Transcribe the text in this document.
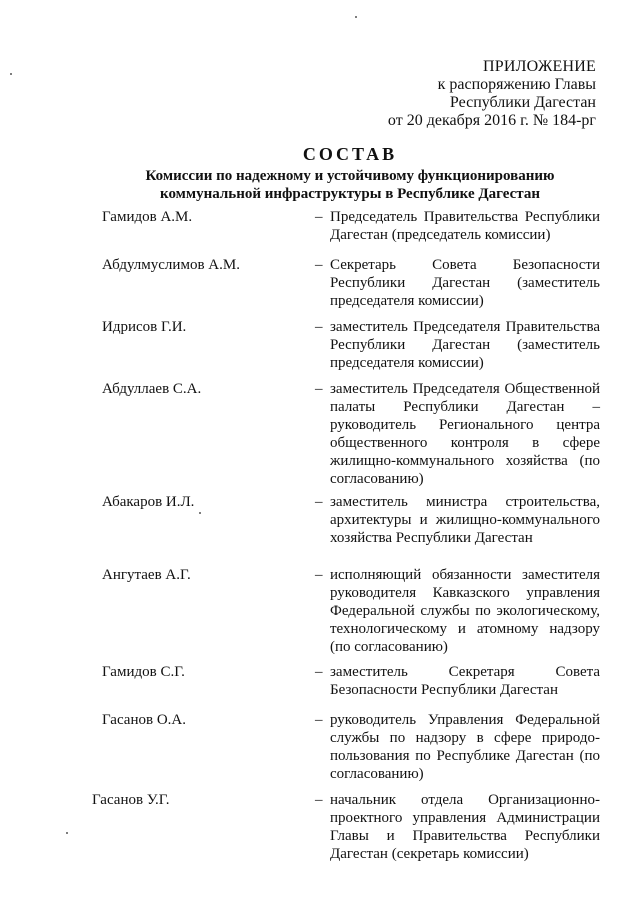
ПРИЛОЖЕНИЕ
к распоряжению Главы
Республики Дагестан
от 20 декабря 2016 г. № 184-рг
СОСТАВ
Комиссии по надежному и устойчивому функционированию
коммунальной инфраструктуры в Республике Дагестан
Гамидов А.М.	– Председатель Правительства Республики Дагестан (председатель комиссии)
Абдулмуслимов А.М.	– Секретарь Совета Безопасности Республики Дагестан (заместитель председателя комиссии)
Идрисов Г.И.	– заместитель Председателя Правительства Республики Дагестан (заместитель председателя комиссии)
Абдуллаев С.А.	– заместитель Председателя Общественной палаты Республики Дагестан – руководитель Регионального центра общественного контроля в сфере жилищно-коммунального хозяйства (по согласованию)
Абакаров И.Л.	– заместитель министра строительства, архитектуры и жилищно-коммунального хозяйства Республики Дагестан
Ангутаев А.Г.	– исполняющий обязанности заместителя руководителя Кавказского управления Федеральной службы по экологическому, технологическому и атомному надзору (по согласованию)
Гамидов С.Г.	– заместитель Секретаря Совета Безопасности Республики Дагестан
Гасанов О.А.	– руководитель Управления Федеральной службы по надзору в сфере природо-пользования по Республике Дагестан (по согласованию)
Гасанов У.Г.	– начальник отдела Организационно-проектного управления Администрации Главы и Правительства Республики Дагестан (секретарь комиссии)
